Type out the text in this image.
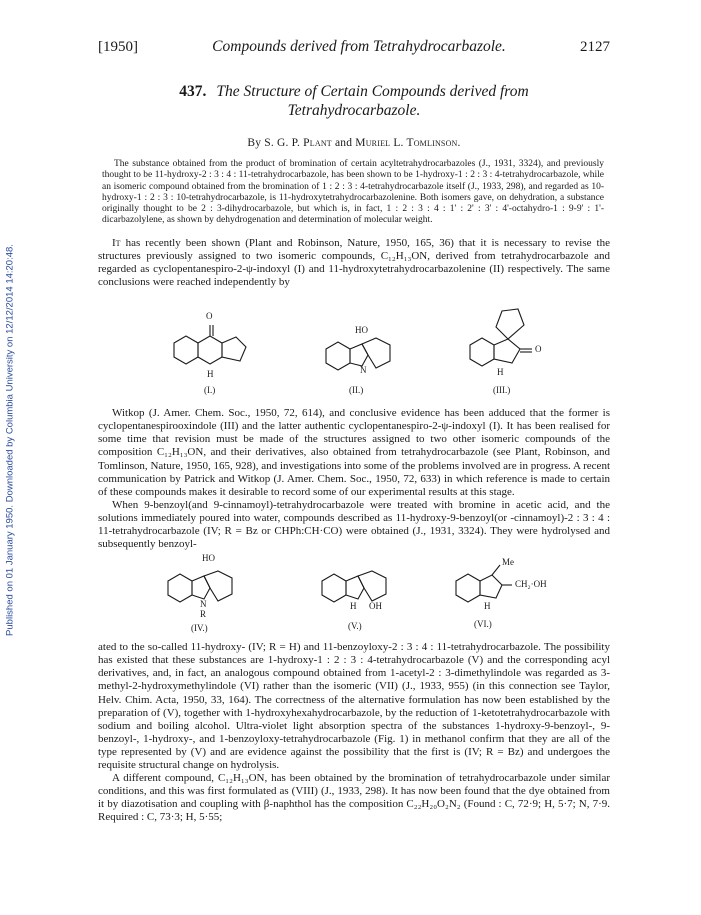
Published on 01 January 1950. Downloaded by Columbia University on 12/12/2014 14:20:48.
[1950]	Compounds derived from Tetrahydrocarbazole.	2127
437. The Structure of Certain Compounds derived from
Tetrahydrocarbazole.
By S. G. P. Plant and Muriel L. Tomlinson.
The substance obtained from the product of bromination of certain acyltetrahydrocarbazoles (J., 1931, 3324), and previously thought to be 11-hydroxy-2 : 3 : 4 : 11-tetrahydrocarbazole, has been shown to be 1-hydroxy-1 : 2 : 3 : 4-tetrahydrocarbazole, while an isomeric compound obtained from the bromination of 1 : 2 : 3 : 4-tetrahydrocarbazole itself (J., 1933, 298), and regarded as 10-hydroxy-1 : 2 : 3 : 10-tetrahydrocarbazole, is 11-hydroxytetrahydrocarbazolenine. Both isomers gave, on dehydration, a substance originally thought to be 2 : 3-dihydrocarbazole, but which is, in fact, 1 : 2 : 3 : 4 : 1' : 2' : 3' : 4'-octahydro-1 : 9-9' : 1'-dicarbazolylene, as shown by dehydrogenation and determination of molecular weight.

It has recently been shown (Plant and Robinson, Nature, 1950, 165, 36) that it is necessary to revise the structures previously assigned to two isomeric compounds, C₁₂H₁₃ON, derived from tetrahydrocarbazole and regarded as cyclopentanespiro-2-ψ-indoxyl (I) and 11-hydroxytetrahydrocarbazolenine (II) respectively. The same conclusions were reached independently by

O
H
(I.)
HO
N
(II.)
O
H
(III.)

Witkop (J. Amer. Chem. Soc., 1950, 72, 614), and conclusive evidence has been adduced that the former is cyclopentanespirooxindole (III) and the latter authentic cyclopentanespiro-2-ψ-indoxyl (I). It has been realised for some time that revision must be made of the structures assigned to two other isomeric compounds of the composition C₁₂H₁₃ON, and their derivatives, also obtained from tetrahydrocarbazole (see Plant, Robinson, and Tomlinson, Nature, 1950, 165, 928), and investigations into some of the problems involved are in progress. A recent communication by Patrick and Witkop (J. Amer. Chem. Soc., 1950, 72, 633) in which reference is made to certain of these compounds makes it desirable to record some of our experimental results at this stage.

When 9-benzoyl(and 9-cinnamoyl)-tetrahydrocarbazole were treated with bromine in acetic acid, and the solutions immediately poured into water, compounds described as 11-hydroxy-9-benzoyl(or -cinnamoyl)-2 : 3 : 4 : 11-tetrahydrocarbazole (IV; R = Bz or CHPh:CH·CO) were obtained (J., 1931, 3324). They were hydrolysed and subsequently benzoyl-

HO
N
R
(IV.)
H OH
(V.)
Me
CH₂·OH
H
(VI.)

ated to the so-called 11-hydroxy- (IV; R = H) and 11-benzoyloxy-2 : 3 : 4 : 11-tetrahydrocarbazole. The possibility has existed that these substances are 1-hydroxy-1 : 2 : 3 : 4-tetrahydrocarbazole (V) and the corresponding acyl derivatives, and, in fact, an analogous compound obtained from 1-acetyl-2 : 3-dimethylindole was regarded as 3-methyl-2-hydroxymethylindole (VI) rather than the isomeric (VII) (J., 1933, 955) (in this connection see Taylor, Helv. Chim. Acta, 1950, 33, 164). The correctness of the alternative formulation has now been established by the preparation of (V), together with 1-hydroxyhexahydrocarbazole, by the reduction of 1-ketotetrahydrocarbazole with sodium and boiling alcohol. Ultra-violet light absorption spectra of the substances 1-hydroxy-9-benzoyl-, 9-benzoyl-, 1-hydroxy-, and 1-benzoyloxy-tetrahydrocarbazole (Fig. 1) in methanol confirm that they are all of the type represented by (V) and are evidence against the possibility that the first is (IV; R = Bz) and undergoes the requisite structural change on hydrolysis.

A different compound, C₁₂H₁₃ON, has been obtained by the bromination of tetrahydrocarbazole under similar conditions, and this was first formulated as (VIII) (J., 1933, 298). It has now been found that the dye obtained from it by diazotisation and coupling with β-naphthol has the composition C₂₂H₂₀O₂N₂ (Found : C, 72·9; H, 5·7; N, 7·9. Required : C, 73·3; H, 5·55;
